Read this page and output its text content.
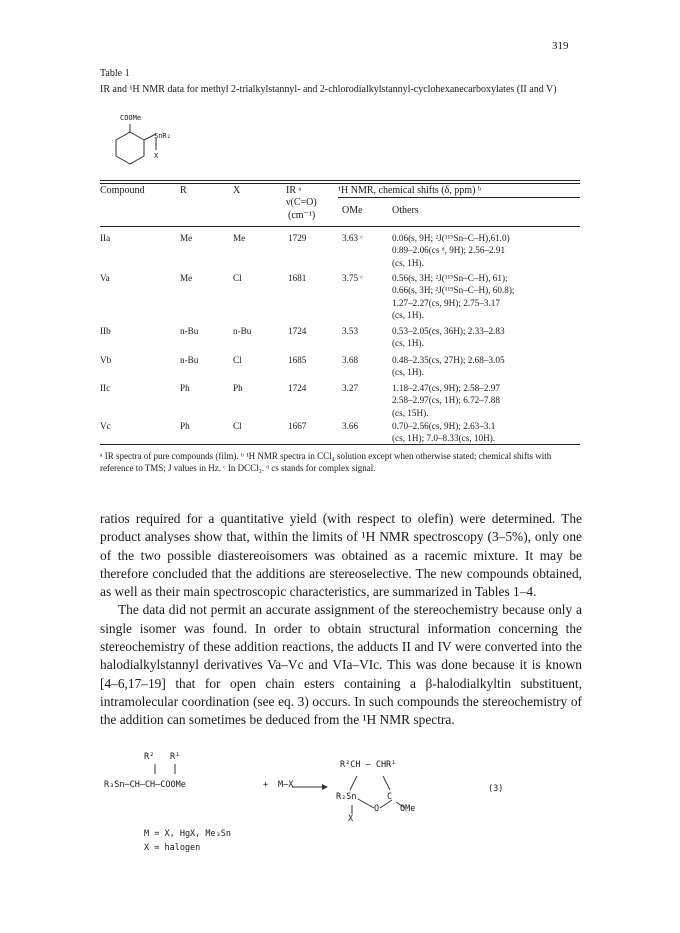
319
Table 1
IR and ¹H NMR data for methyl 2-trialkylstannyl- and 2-chlorodialkylstannyl-cyclohexanecarboxylates (II and V)
COOMe
SnR₂
X
Compound	R	X	IR ᵃ
ν(C=O)
(cm⁻¹)
¹H NMR, chemical shifts (δ, ppm) ᵇ
OMe	Others
IIa	Me	Me	1729	3.63 ᶜ	0.06(s, 9H; ²J(¹¹⁹Sn–C–H),61.0)
0.89–2.06(cs ᵈ, 9H); 2.56–2.91
(cs, 1H).
Va	Me	Cl	1681	3.75 ᶜ	0.56(s, 3H; ²J(¹¹⁹Sn–C–H), 61);
0.66(s, 3H; ²J(¹¹⁹Sn–C–H), 60.8);
1.27–2.27(cs, 9H); 2.75–3.17
(cs, 1H).
IIb	n-Bu	n-Bu	1724	3.53	0.53–2.05(cs, 36H); 2.33–2.83
(cs, 1H).
Vb	n-Bu	Cl	1685	3.68	0.48–2.35(cs, 27H); 2.68–3.05
(cs, 1H).
IIc	Ph	Ph	1724	3.27	1.18–2.47(cs, 9H); 2.58–2.97
2.58–2.97(cs, 1H); 6.72–7.88
(cs, 15H).
Vc	Ph	Cl	1667	3.66	0.70–2.56(cs, 9H); 2.63–3.1
(cs, 1H); 7.0–8.33(cs, 10H).
ᵃ IR spectra of pure compounds (film). ᵇ ¹H NMR spectra in CCl₄ solution except when otherwise stated; chemical shifts with reference to TMS; J values in Hz. ᶜ In DCCl₃. ᵈ cs stands for complex signal.

ratios required for a quantitative yield (with respect to olefin) were determined. The product analyses show that, within the limits of ¹H NMR spectroscopy (3–5%), only one of the two possible diastereoisomers was obtained as a racemic mixture. It may be therefore concluded that the additions are stereoselective. The new compounds obtained, as well as their main spectroscopic characteristics, are summarized in Tables 1–4.

The data did not permit an accurate assignment of the stereochemistry because only a single isomer was found. In order to obtain structural information concerning the stereochemistry of these addition reactions, the adducts II and IV were converted into the halodialkylstannyl derivatives Va–Vc and VIa–VIc. This was done because it is known [4–6,17–19] that for open chain esters containing a β-halodialkyltin substituent, intramolecular coordination (see eq. 3) occurs. In such compounds the stereochemistry of the addition can sometimes be deduced from the ¹H NMR spectra.

R² R¹
R₃Sn–CH–CH–COOMe	+ M–X
R²CH — CHR¹
R₂Sn	C
O OMe
X
(3)
M = X, HgX, Me₃Sn
X = halogen
